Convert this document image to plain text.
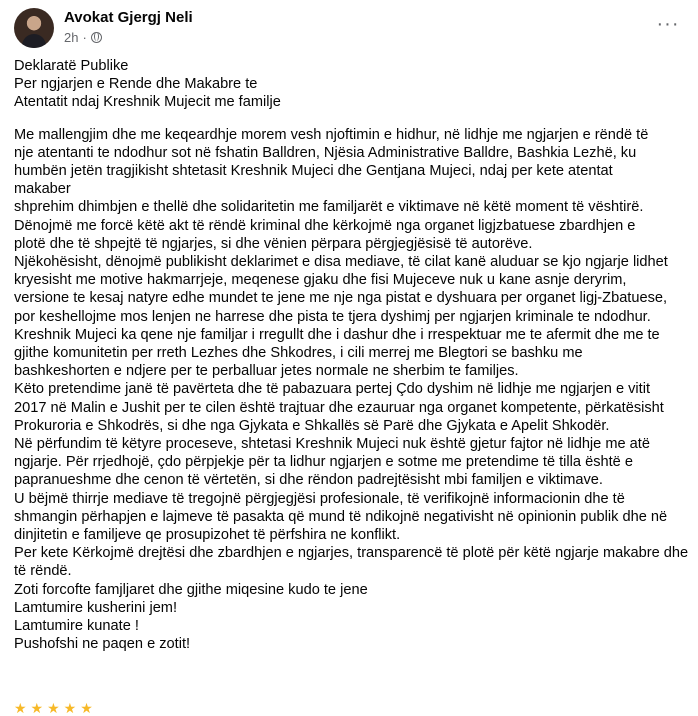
Avokat Gjergj Neli
2h ·
···

Deklaratë Publike

Per ngjarjen e Rende dhe Makabre te

Atentatit ndaj Kreshnik Mujecit me familje

Me mallengjim dhe me keqeardhje morem vesh njoftimin e hidhur, në lidhje me ngjarjen e rëndë të

nje atentanti te ndodhur sot në fshatin Balldren, Njësia Administrative Balldre, Bashkia Lezhë, ku

humbën jetën tragjikisht shtetasit Kreshnik Mujeci dhe Gentjana Mujeci, ndaj per kete atentat

makaber

shprehim dhimbjen e thellë dhe solidaritetin me familjarët e viktimave në këtë moment të vështirë.

Dënojmë me forcë këtë akt të rëndë kriminal dhe kërkojmë nga organet ligjzbatuese zbardhjen e

plotë dhe të shpejtë të ngjarjes, si dhe vënien përpara përgjegjësisë të autorëve.

Njëkohësisht, dënojmë publikisht deklarimet e disa mediave, të cilat kanë aluduar se kjo ngjarje lidhet

kryesisht me motive hakmarrjeje, meqenese gjaku dhe fisi Mujeceve nuk u kane asnje deryrim,

versione te kesaj natyre edhe mundet te jene me nje nga pistat e dyshuara per organet ligj-Zbatuese,

por keshellojme mos lenjen ne harrese dhe pista te tjera dyshimj per ngjarjen kriminale te ndodhur.

Kreshnik Mujeci ka qene nje familjar i rregullt dhe i dashur dhe i rrespektuar me te afermit dhe me te

gjithe komunitetin per rreth Lezhes dhe Shkodres, i cili merrej me Blegtori se bashku me

bashkeshorten e ndjere per te perballuar jetes normale ne sherbim te familjes.

Këto pretendime janë të pavërteta dhe të pabazuara pertej Çdo dyshim në lidhje me ngjarjen e vitit

2017 në Malin e Jushit per te cilen është trajtuar dhe ezauruar nga organet kompetente, përkatësisht

Prokuroria e Shkodrës, si dhe nga Gjykata e Shkallës së Parë dhe Gjykata e Apelit Shkodër.

Në përfundim të këtyre proceseve, shtetasi Kreshnik Mujeci nuk është gjetur fajtor në lidhje me atë

ngjarje. Për rrjedhojë, çdo përpjekje për ta lidhur ngjarjen e sotme me pretendime të tilla është e

papranueshme dhe cenon të vërtetën, si dhe rëndon padrejtësisht mbi familjen e viktimave.

U bëjmë thirrje mediave të tregojnë përgjegjësi profesionale, të verifikojnë informacionin dhe të

shmangin përhapjen e lajmeve të pasakta që mund të ndikojnë negativisht në opinionin publik dhe në

dinjitetin e familjeve qe prosupizohet të përfshira ne konflikt.

Per kete Kërkojmë drejtësi dhe zbardhjen e ngjarjes, transparencë të plotë për këtë ngjarje makabre dhe

të rëndë.

Zoti forcofte famjljaret dhe gjithe miqesine kudo te jene

Lamtumire kusherini jem!

Lamtumire kunate !

Pushofshi ne paqen e zotit!

★★★★★
